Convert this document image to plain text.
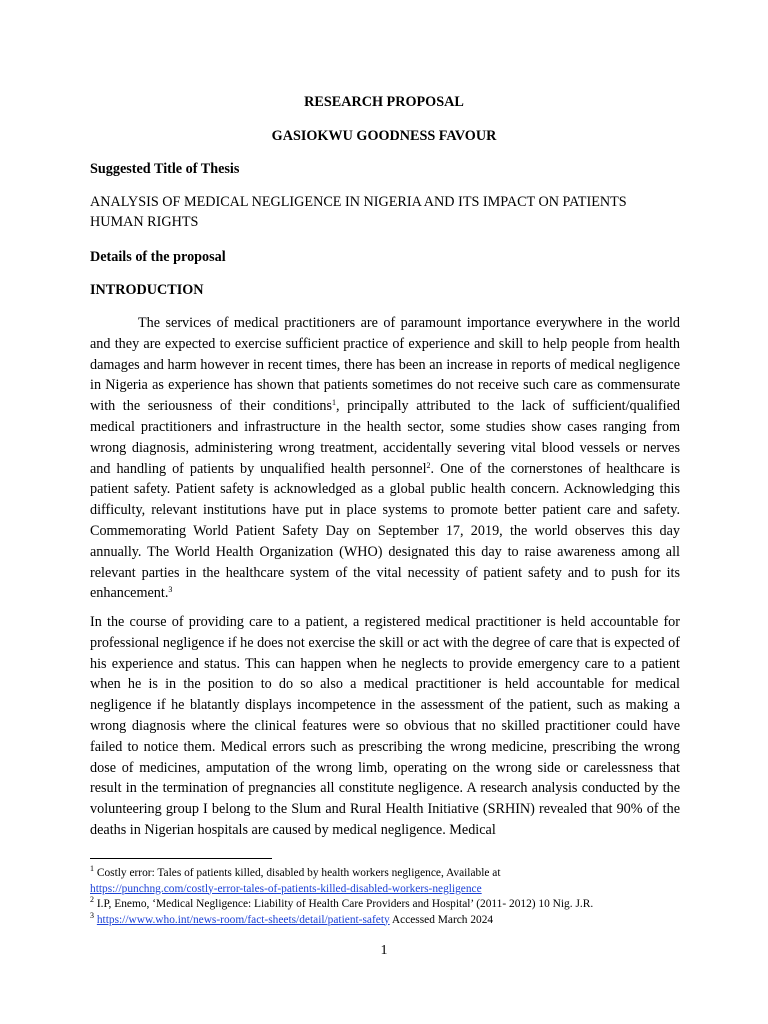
RESEARCH PROPOSAL
GASIOKWU GOODNESS FAVOUR
Suggested Title of Thesis
ANALYSIS OF MEDICAL NEGLIGENCE IN NIGERIA AND ITS IMPACT ON PATIENTS
HUMAN RIGHTS
Details of the proposal
INTRODUCTION

The services of medical practitioners are of paramount importance everywhere in the world and they are expected to exercise sufficient practice of experience and skill to help people from health damages and harm however in recent times, there has been an increase in reports of medical negligence in Nigeria as experience has shown that patients sometimes do not receive such care as commensurate with the seriousness of their conditions$^1$, principally attributed to the lack of sufficient/qualified medical practitioners and infrastructure in the health sector, some studies show cases ranging from wrong diagnosis, administering wrong treatment, accidentally severing vital blood vessels or nerves and handling of patients by unqualified health personnel$^2$. One of the cornerstones of healthcare is patient safety. Patient safety is acknowledged as a global public health concern. Acknowledging this difficulty, relevant institutions have put in place systems to promote better patient care and safety. Commemorating World Patient Safety Day on September 17, 2019, the world observes this day annually. The World Health Organization (WHO) designated this day to raise awareness among all relevant parties in the healthcare system of the vital necessity of patient safety and to push for its enhancement.$^3$

In the course of providing care to a patient, a registered medical practitioner is held accountable for professional negligence if he does not exercise the skill or act with the degree of care that is expected of his experience and status. This can happen when he neglects to provide emergency care to a patient when he is in the position to do so also a medical practitioner is held accountable for medical negligence if he blatantly displays incompetence in the assessment of the patient, such as making a wrong diagnosis where the clinical features were so obvious that no skilled practitioner could have failed to notice them. Medical errors such as prescribing the wrong medicine, prescribing the wrong dose of medicines, amputation of the wrong limb, operating on the wrong side or carelessness that result in the termination of pregnancies all constitute negligence. A research analysis conducted by the volunteering group I belong to the Slum and Rural Health Initiative (SRHIN) revealed that 90% of the deaths in Nigerian hospitals are caused by medical negligence. Medical

$^1$ Costly error: Tales of patients killed, disabled by health workers negligence, Available at
https://punchng.com/costly-error-tales-of-patients-killed-disabled-workers-negligence
$^2$ I.P, Enemo, ‘Medical Negligence: Liability of Health Care Providers and Hospital’ (2011- 2012) 10 Nig. J.R.
$^3$ https://www.who.int/news-room/fact-sheets/detail/patient-safety Accessed March 2024
1
